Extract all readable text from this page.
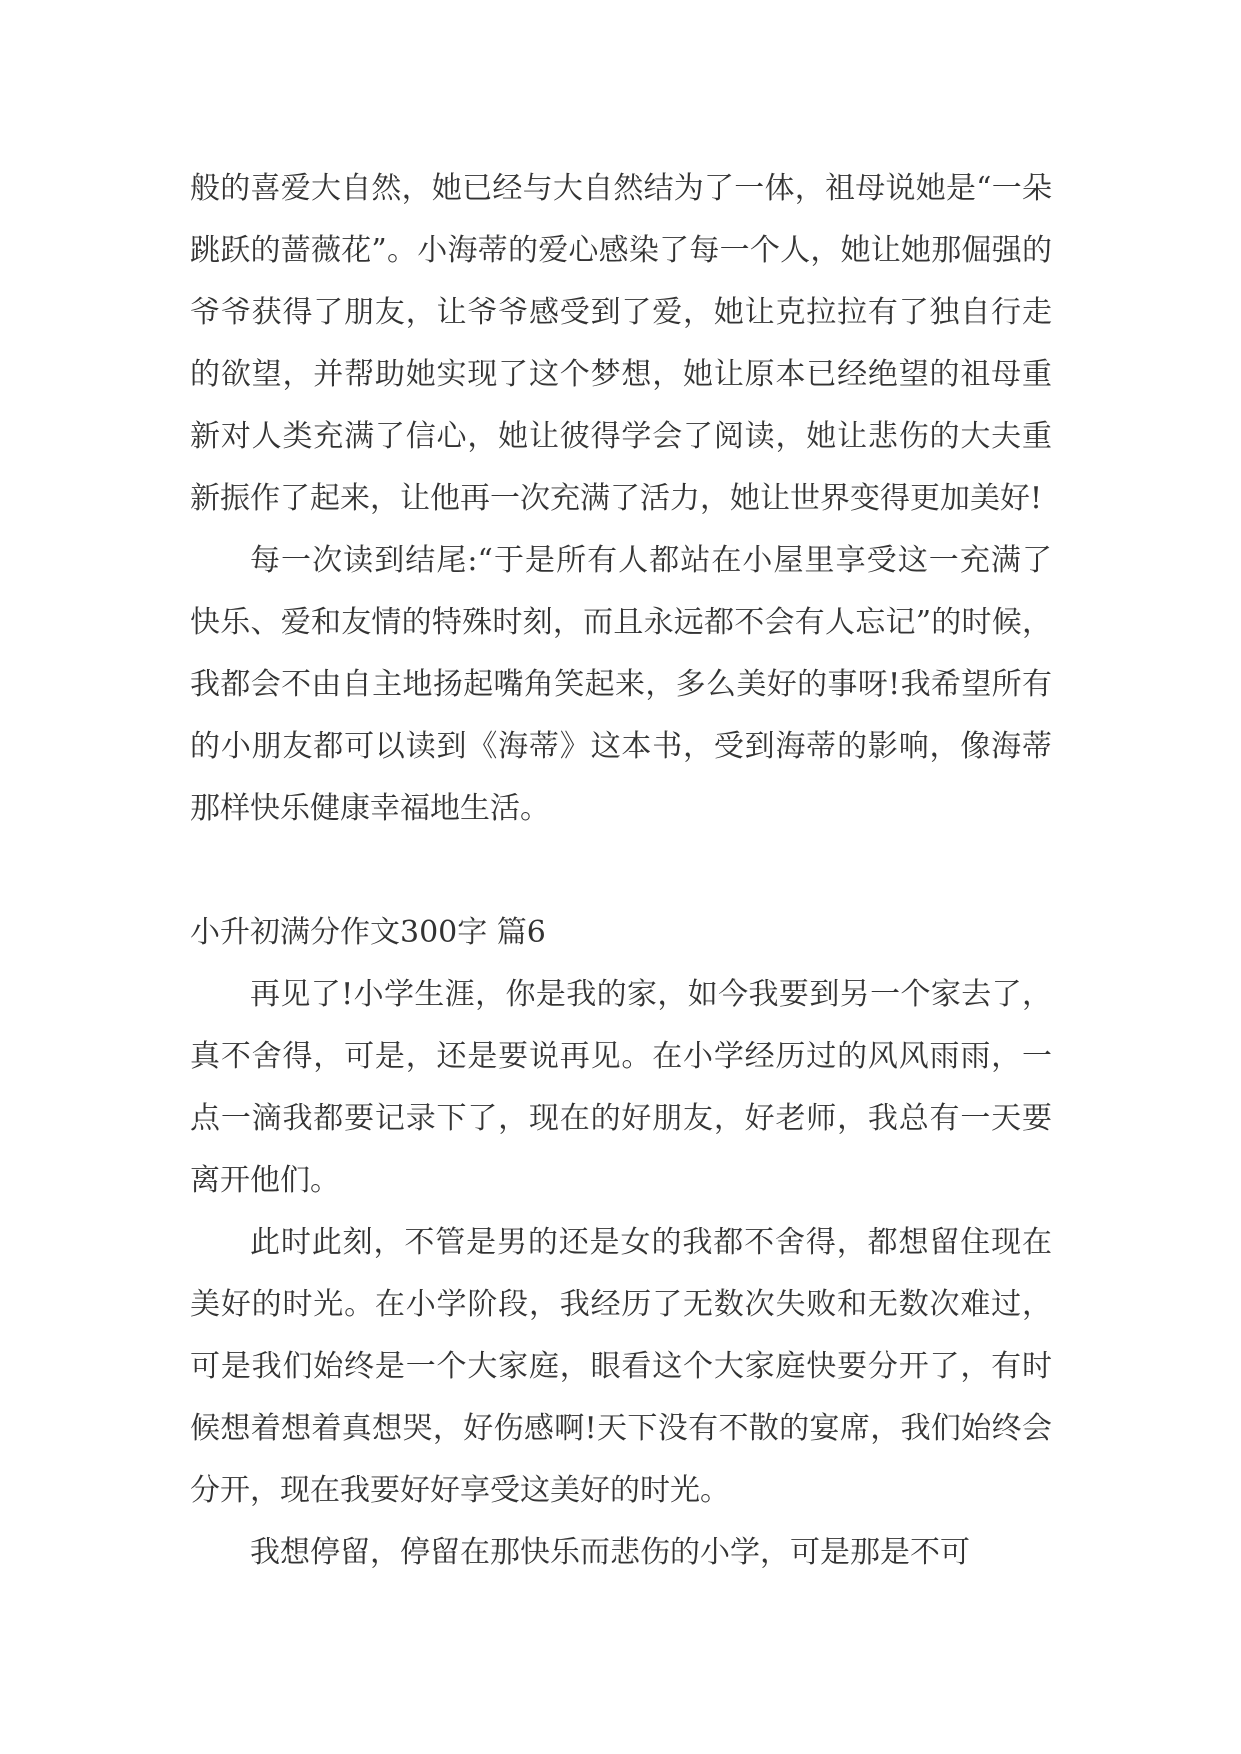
般的喜爱大自然，她已经与大自然结为了一体，祖母说她是“一朵跳跃的蔷薇花”。小海蒂的爱心感染了每一个人，她让她那倔强的爷爷获得了朋友，让爷爷感受到了爱，她让克拉拉有了独自行走的欲望，并帮助她实现了这个梦想，她让原本已经绝望的祖母重新对人类充满了信心，她让彼得学会了阅读，她让悲伤的大夫重新振作了起来，让他再一次充满了活力，她让世界变得更加美好!

每一次读到结尾:“于是所有人都站在小屋里享受这一充满了快乐、爱和友情的特殊时刻，而且永远都不会有人忘记”的时候，我都会不由自主地扬起嘴角笑起来，多么美好的事呀!我希望所有的小朋友都可以读到《海蒂》这本书，受到海蒂的影响，像海蒂那样快乐健康幸福地生活。

小升初满分作文300字 篇6

再见了!小学生涯，你是我的家，如今我要到另一个家去了，真不舍得，可是，还是要说再见。在小学经历过的风风雨雨，一点一滴我都要记录下了，现在的好朋友，好老师，我总有一天要离开他们。

此时此刻，不管是男的还是女的我都不舍得，都想留住现在美好的时光。在小学阶段，我经历了无数次失败和无数次难过，可是我们始终是一个大家庭，眼看这个大家庭快要分开了，有时候想着想着真想哭，好伤感啊!天下没有不散的宴席，我们始终会分开，现在我要好好享受这美好的时光。

我想停留，停留在那快乐而悲伤的小学，可是那是不可
